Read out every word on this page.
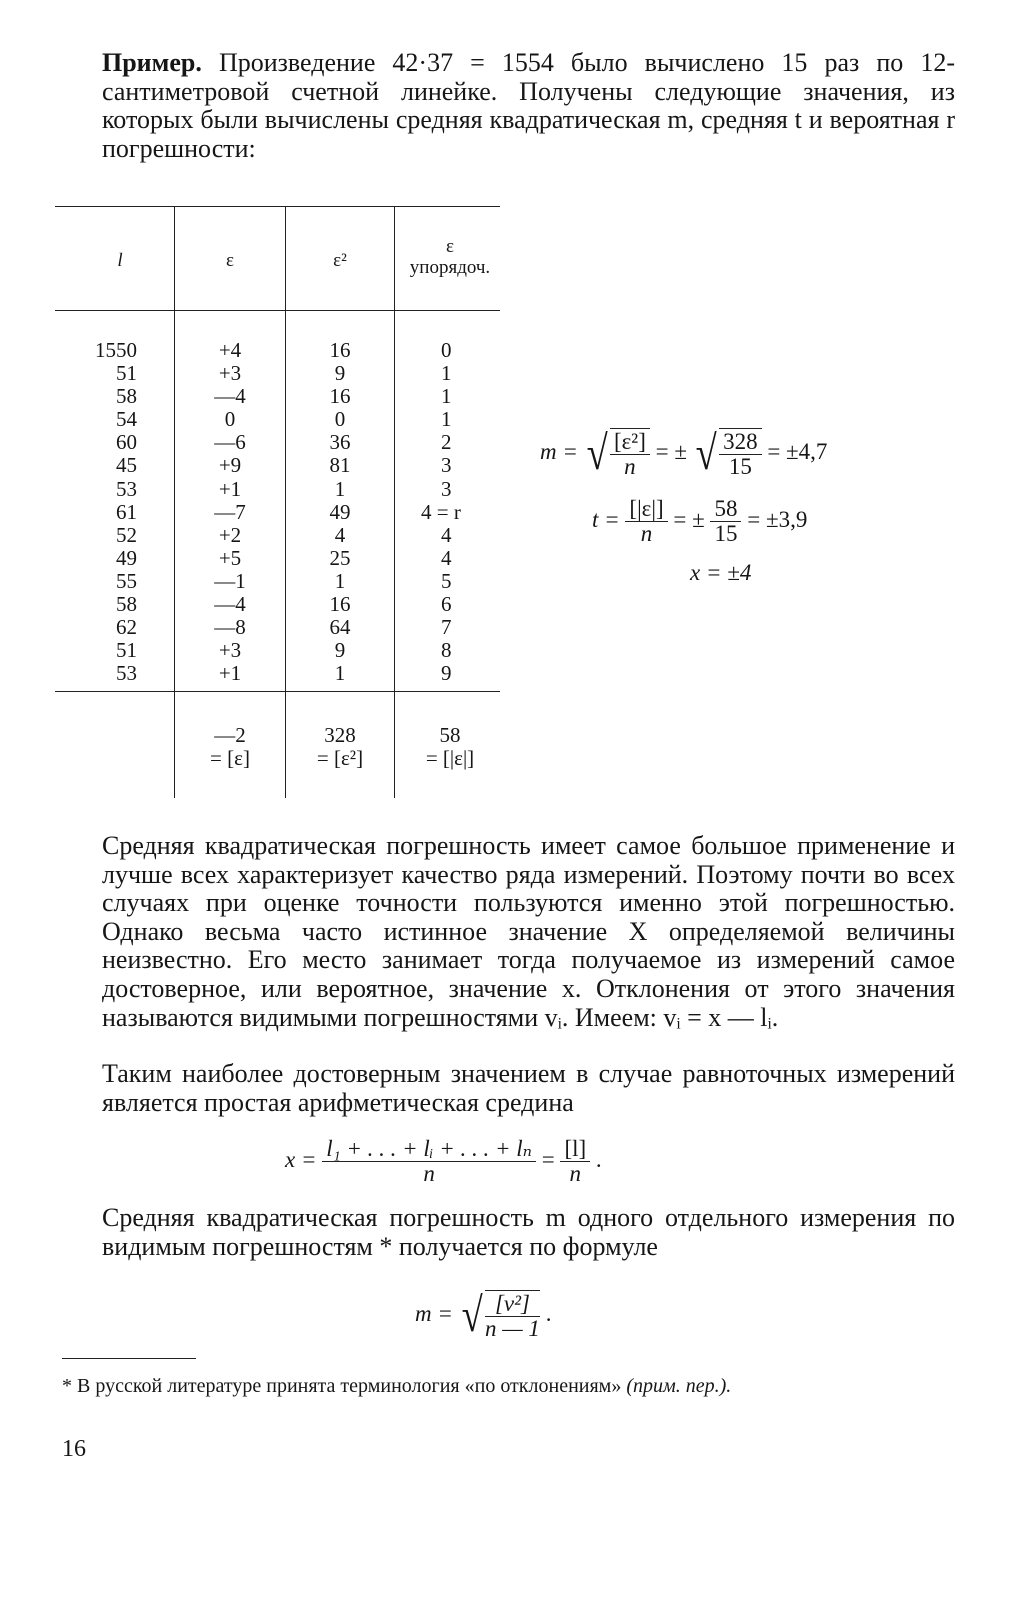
Пример. Произведение 42·37 = 1554 было вычислено 15 раз по 12-сантиметровой счетной линейке. Получены следующие значения, из которых были вычислены средняя квадратическая m, средняя t и вероятная r погрешности:
l	ε	ε²
ε
упорядоч.
1550
51
58
54
60
45
53
61
52
49
55
58
62
51
53
+4
+3
—4
0
—6
+9
+1
—7
+2
+5
—1
—4
—8
+3
+1
16
9
16
0
36
81
1
49
4
25
1
16
64
9
1
0
1
1
1
2
3
3
4 = r
4
4
5
6
7
8
9
—2
= [ε]
328
= [ε²]
58
= [|ε|]
m = √ $\frac{\text{[ε²]}}{n}$ = ± √ $\frac{328}{15} = \pm 4,7$
$t = \frac{[|\varepsilon|]}{n}$ = ± $\frac{58}{15} = \pm 3,9$
x = ±4
Средняя квадратическая погрешность имеет самое большое применение и лучше всех характеризует качество ряда измерений. Поэтому почти во всех случаях при оценке точности пользуются именно этой погрешностью. Однако весьма часто истинное значение X определяемой величины неизвестно. Его место занимает тогда получаемое из измерений самое достоверное, или вероятное, значение x. Отклонения от этого значения называются видимыми погрешностями vᵢ. Имеем: vᵢ = x — lᵢ.
Таким наиболее достоверным значением в случае равноточных измерений является простая арифметическая средина
$x = \frac{\text{l₁ + . . . + lᵢ + . . . + lₙ}}{n} = \frac{[l]}{n}$ .
Средняя квадратическая погрешность m одного отдельного измерения по видимым погрешностям * получается по формуле
m = √ $\frac{\text{[v²]}}{n — 1}$ .
* В русской литературе принята терминология «по отклонениям» (прим. пер.).
16
